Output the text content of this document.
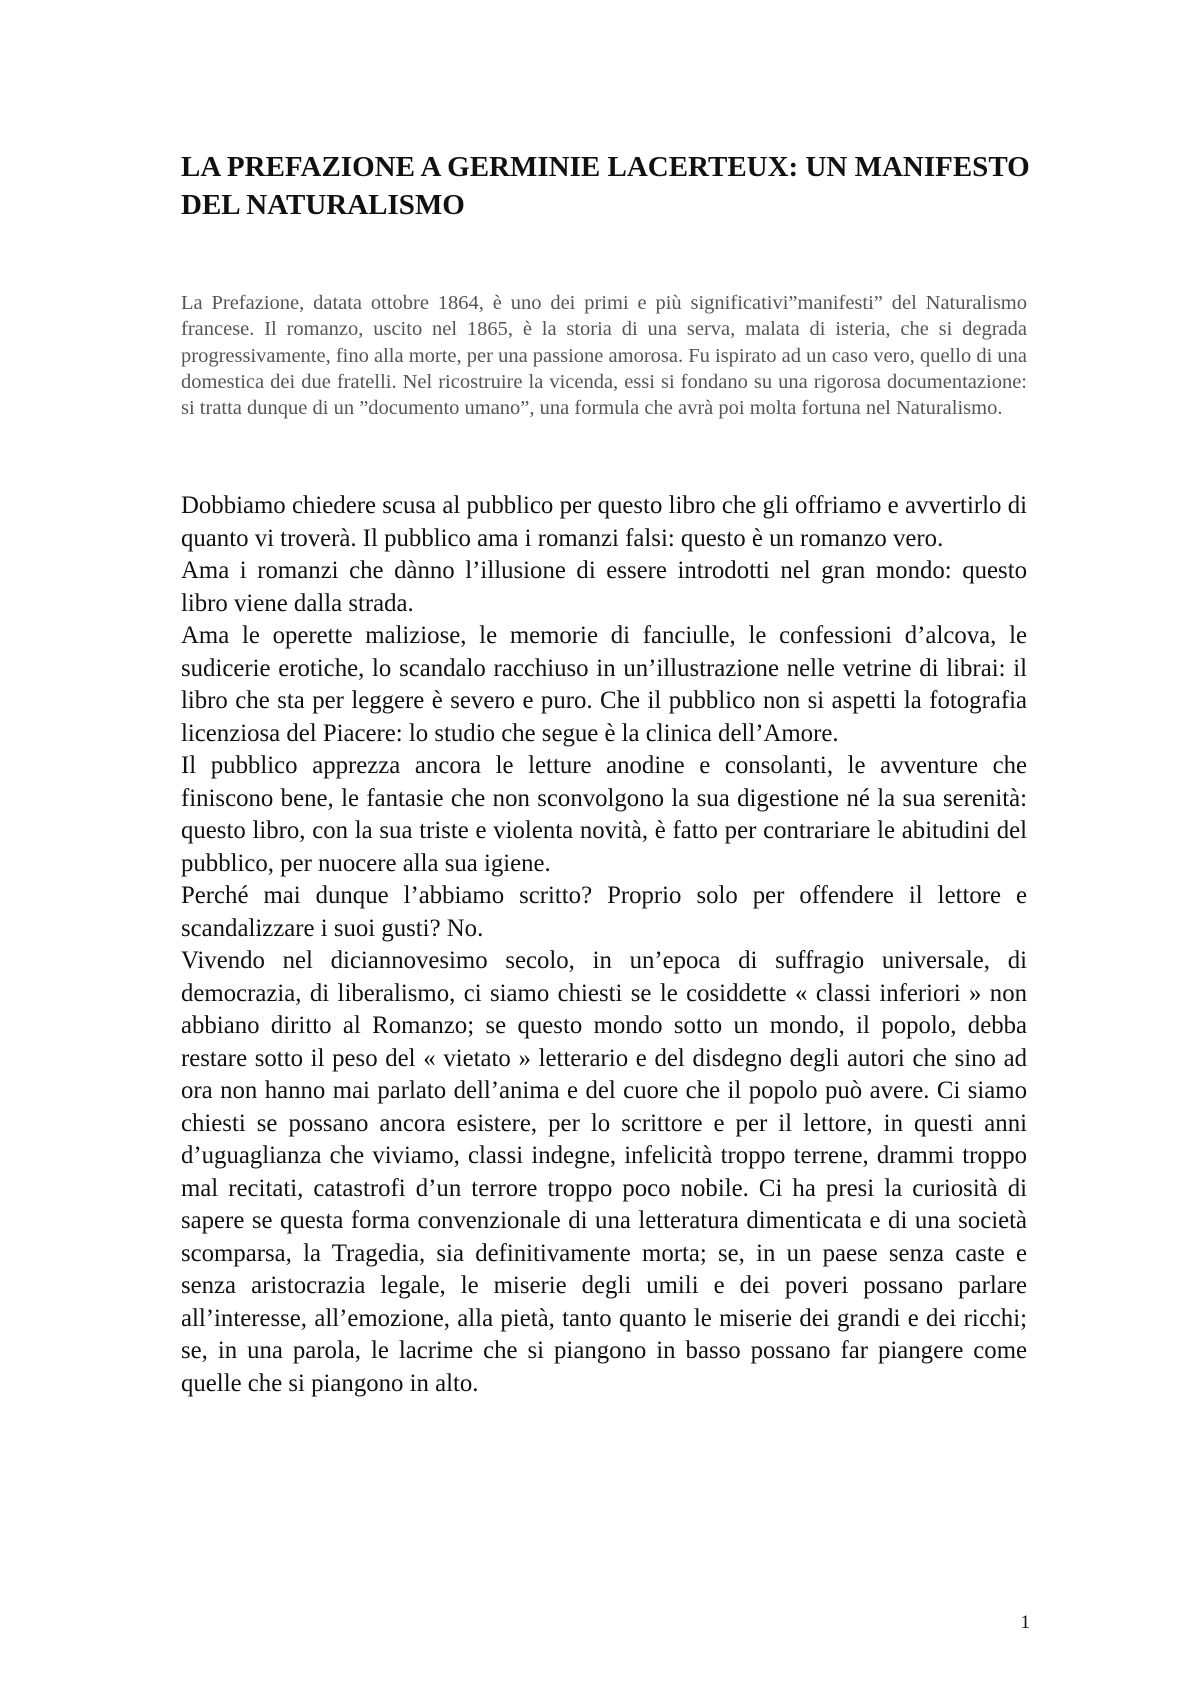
LA PREFAZIONE A GERMINIE LACERTEUX: UN MANIFESTO DEL NATURALISMO

La Prefazione, datata ottobre 1864, è uno dei primi e più significativi”manifesti” del Naturalismo francese. Il romanzo, uscito nel 1865, è la storia di una serva, malata di isteria, che si degrada progressivamente, fino alla morte, per una passione amorosa. Fu ispirato ad un caso vero, quello di una domestica dei due fratelli. Nel ricostruire la vicenda, essi si fondano su una rigorosa documentazione: si tratta dunque di un ”documento umano”, una formula che avrà poi molta fortuna nel Naturalismo.

Dobbiamo chiedere scusa al pubblico per questo libro che gli offriamo e avvertirlo di quanto vi troverà. Il pubblico ama i romanzi falsi: questo è un romanzo vero.

Ama i romanzi che dànno l’illusione di essere introdotti nel gran mondo: questo libro viene dalla strada.

Ama le operette maliziose, le memorie di fanciulle, le confessioni d’alcova, le sudicerie erotiche, lo scandalo racchiuso in un’illustrazione nelle vetrine di librai: il libro che sta per leggere è severo e puro. Che il pubblico non si aspetti la fotografia licenziosa del Piacere: lo studio che segue è la clinica dell’Amore.

Il pubblico apprezza ancora le letture anodine e consolanti, le avventure che finiscono bene, le fantasie che non sconvolgono la sua digestione né la sua serenità: questo libro, con la sua triste e violenta novità, è fatto per contrariare le abitudini del pubblico, per nuocere alla sua igiene.

Perché mai dunque l’abbiamo scritto? Proprio solo per offendere il lettore e scandalizzare i suoi gusti? No.

Vivendo nel diciannovesimo secolo, in un’epoca di suffragio universale, di democrazia, di liberalismo, ci siamo chiesti se le cosiddette « classi inferiori » non abbiano diritto al Romanzo; se questo mondo sotto un mondo, il popolo, debba restare sotto il peso del « vietato » letterario e del disdegno degli autori che sino ad ora non hanno mai parlato dell’anima e del cuore che il popolo può avere. Ci siamo chiesti se possano ancora esistere, per lo scrittore e per il lettore, in questi anni d’uguaglianza che viviamo, classi indegne, infelicità troppo terrene, drammi troppo mal recitati, catastrofi d’un terrore troppo poco nobile. Ci ha presi la curiosità di sapere se questa forma convenzionale di una letteratura dimenticata e di una società scomparsa, la Tragedia, sia definitivamente morta; se, in un paese senza caste e senza aristocrazia legale, le miserie degli umili e dei poveri possano parlare all’interesse, all’emozione, alla pietà, tanto quanto le miserie dei grandi e dei ricchi; se, in una parola, le lacrime che si piangono in basso possano far piangere come quelle che si piangono in alto.

1
